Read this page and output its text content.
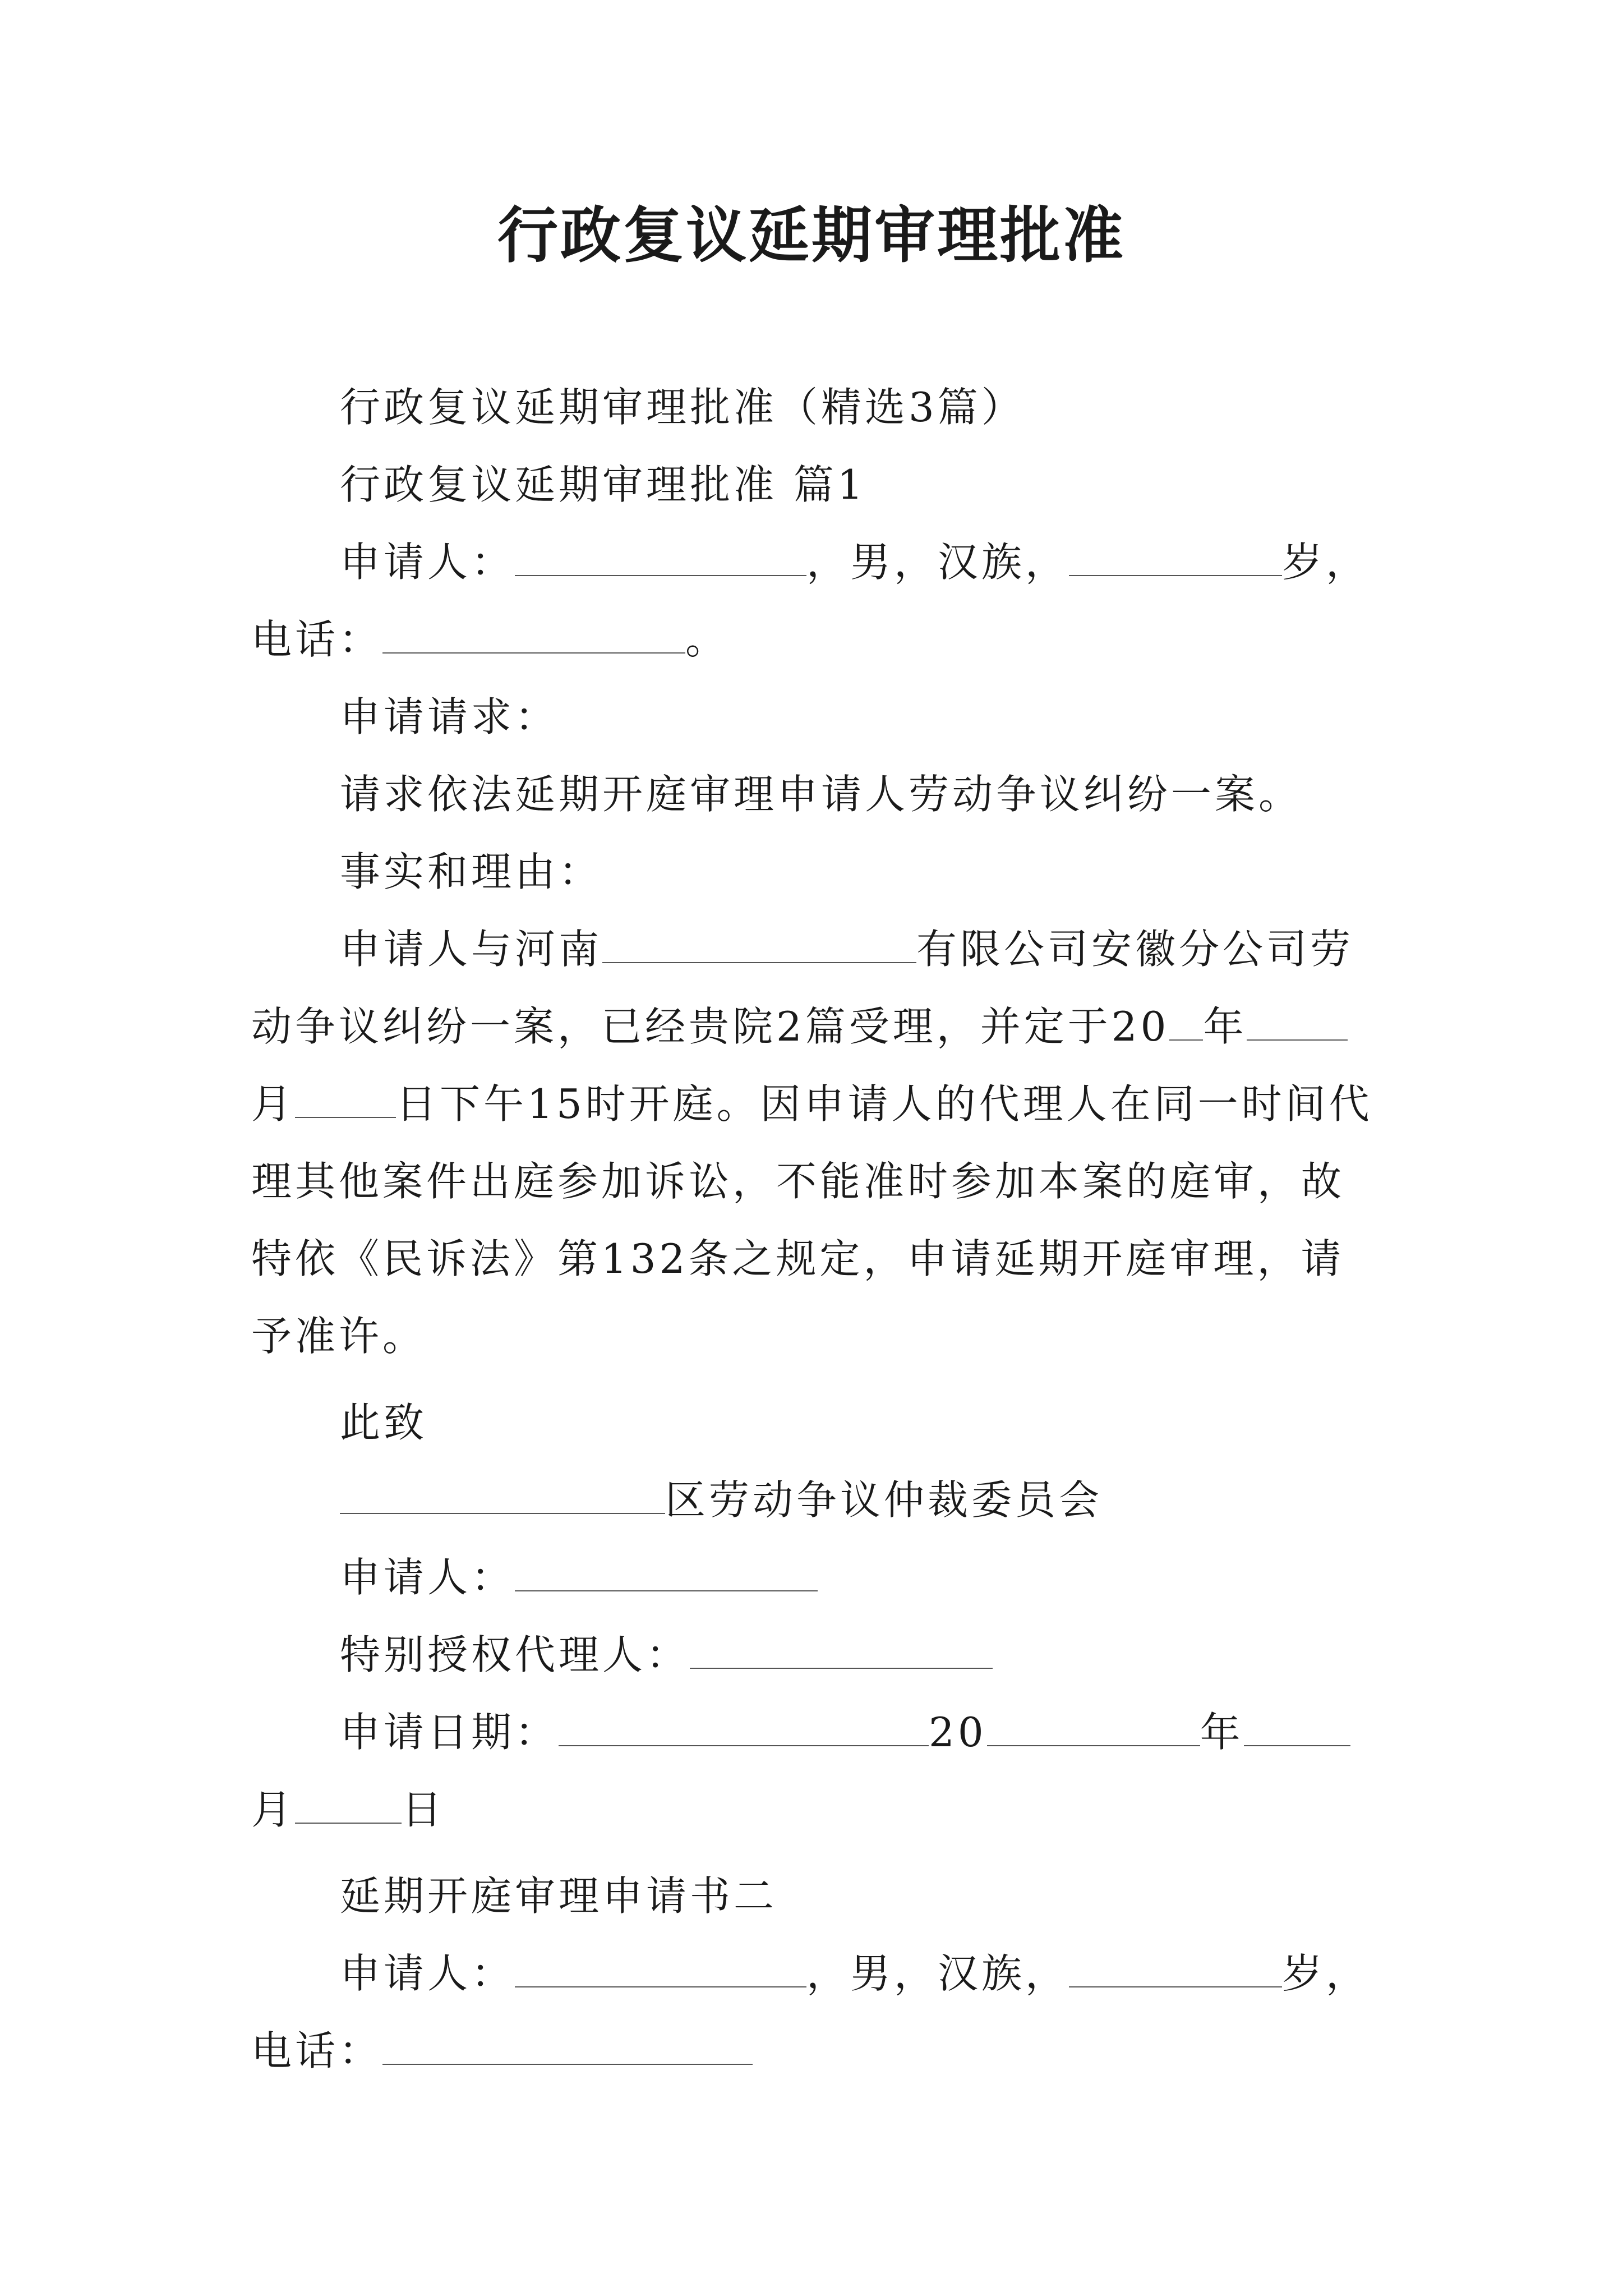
行政复议延期审理批准

行政复议延期审理批准（精选3篇）

行政复议延期审理批准 篇1

申请人：	，男，汉族，	岁，电话：	。

申请请求：

请求依法延期开庭审理申请人劳动争议纠纷一案。

事实和理由：

申请人与河南	有限公司安徽分公司劳动争议纠纷一案，已经贵院2篇受理，并定于20 年月	日下午15时开庭。因申请人的代理人在同一时间代理其他案件出庭参加诉讼，不能准时参加本案的庭审，故特依《民诉法》第132条之规定，申请延期开庭审理，请予准许。

此致

区劳动争议仲裁委员会

申请人：

特别授权代理人：

申请日期：	20	年月	日

延期开庭审理申请书二

申请人：	，男，汉族，	岁，电话：
